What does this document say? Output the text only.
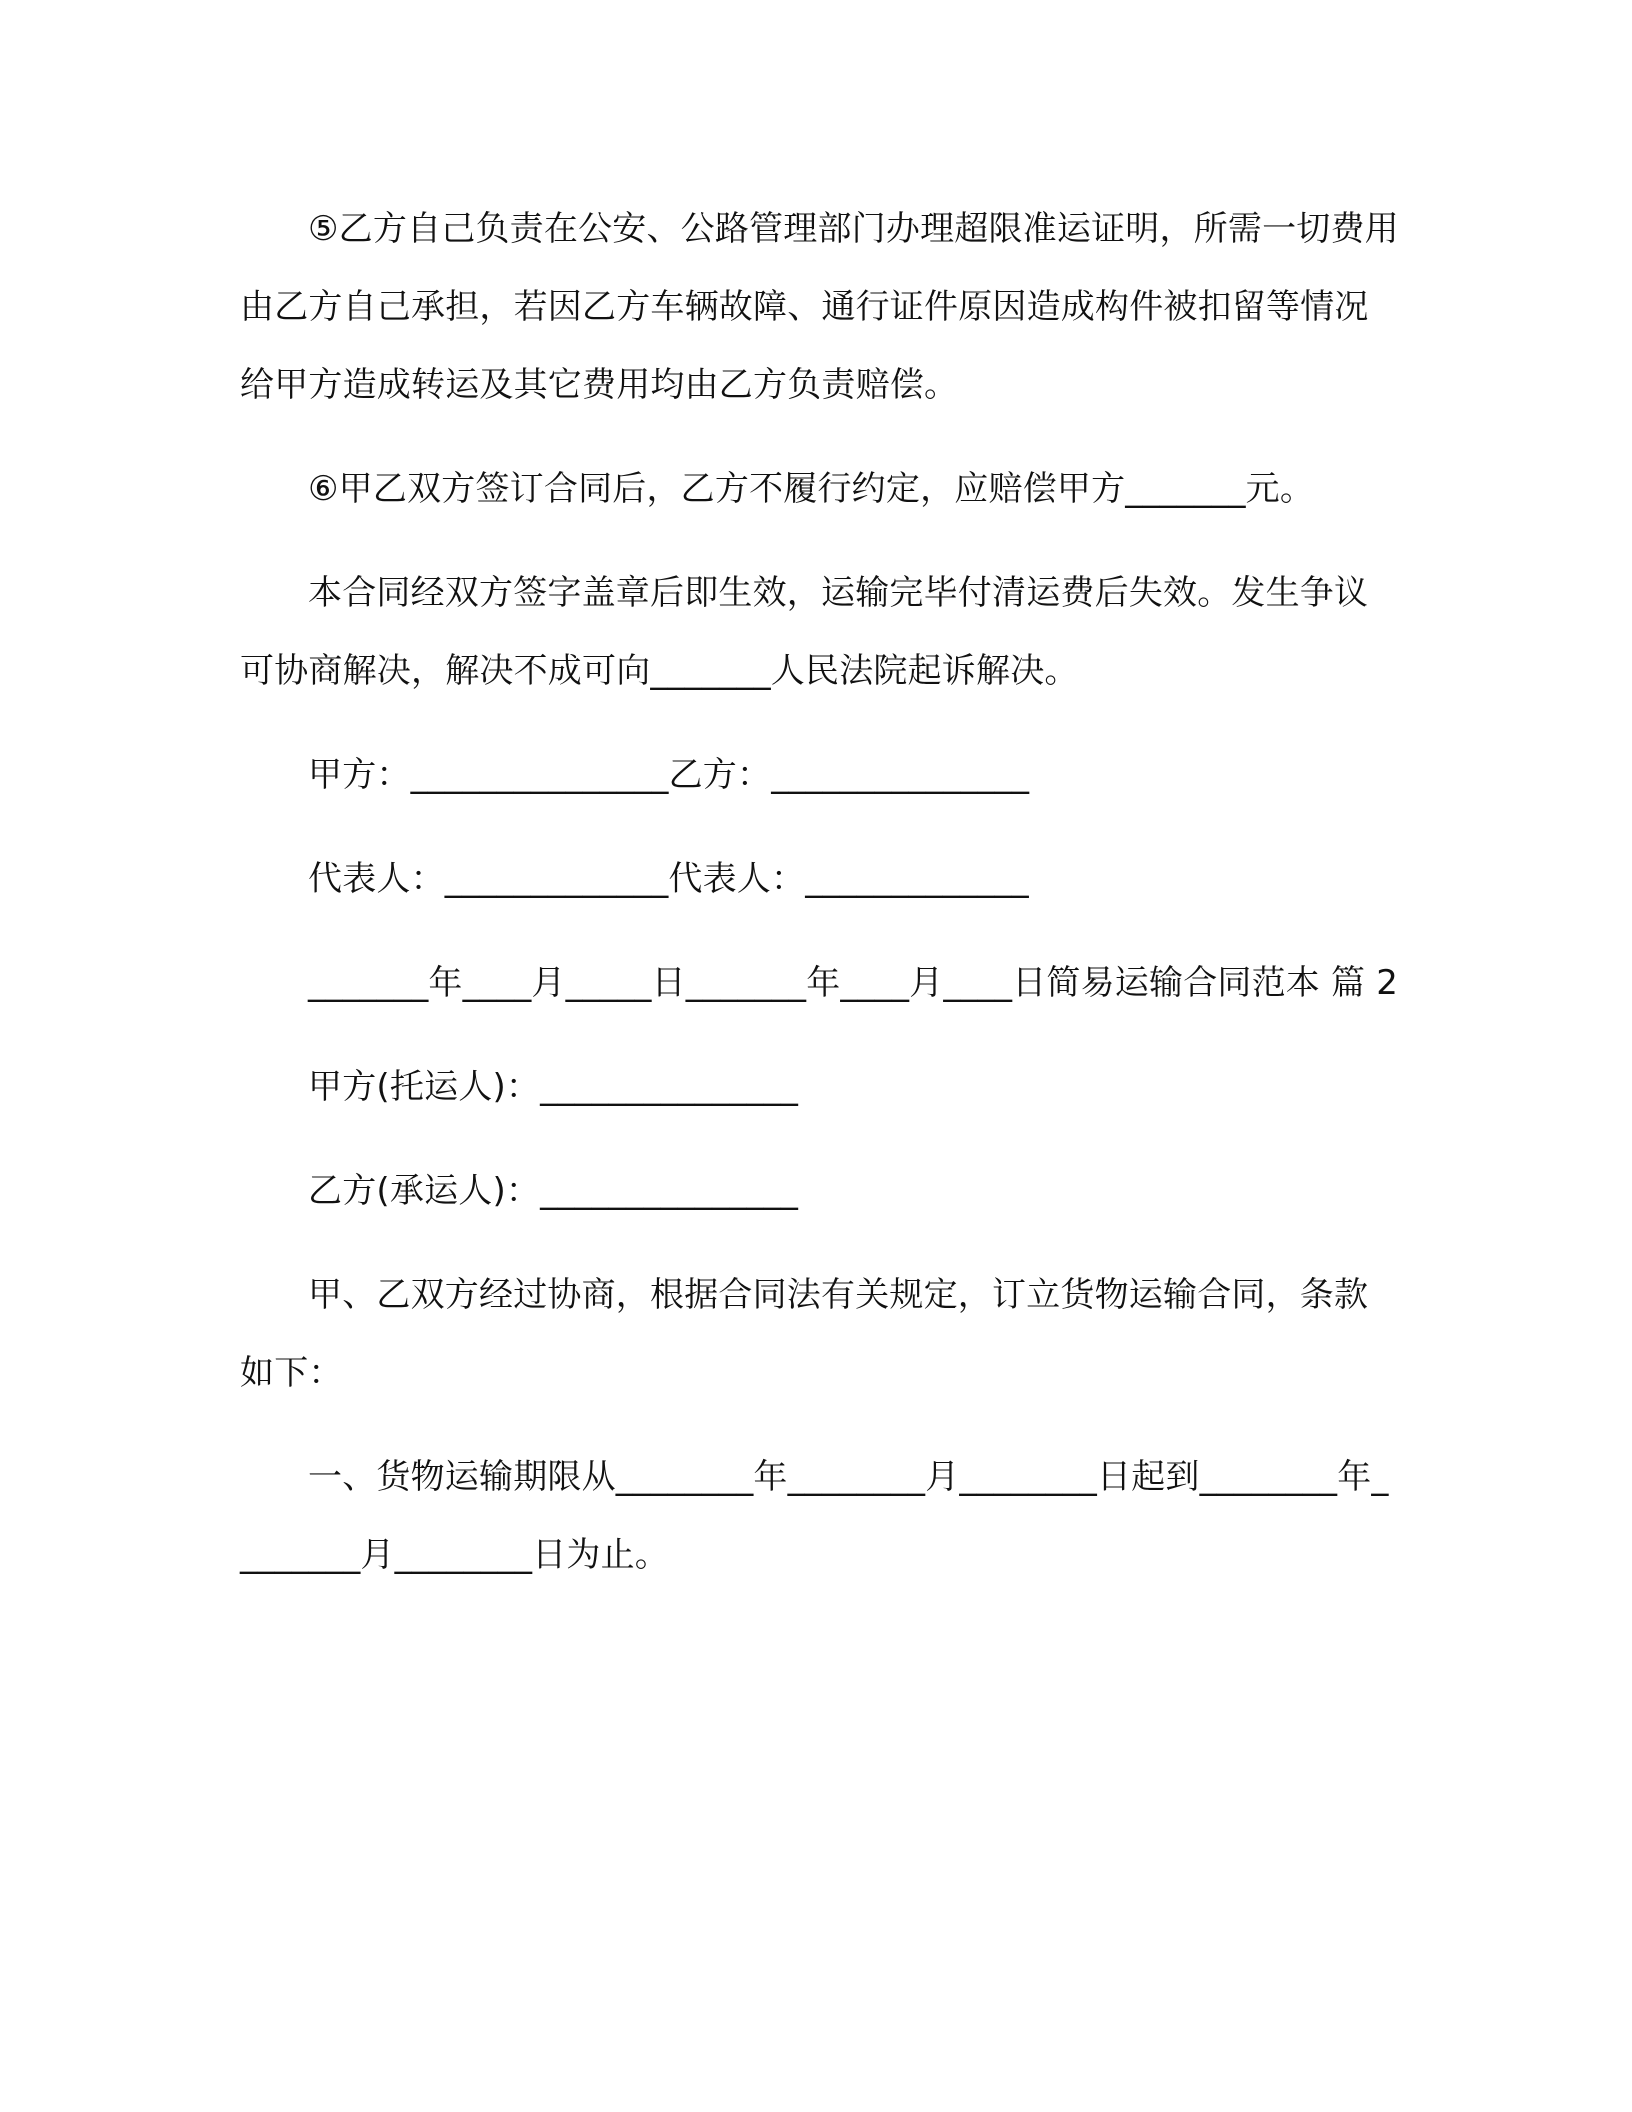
⑤乙方自己负责在公安、公路管理部门办理超限准运证明，所需一切费用由乙方自己承担，若因乙方车辆故障、通行证件原因造成构件被扣留等情况给甲方造成转运及其它费用均由乙方负责赔偿。

⑥甲乙双方签订合同后，乙方不履行约定，应赔偿甲方_______元。

本合同经双方签字盖章后即生效，运输完毕付清运费后失效。发生争议可协商解决，解决不成可向_______人民法院起诉解决。

甲方：_______________乙方：_______________

代表人：_____________代表人：_____________

_______年____月_____日_______年____月____日简易运输合同范本 篇 2

甲方(托运人)：_______________

乙方(承运人)：_______________

甲、乙双方经过协商，根据合同法有关规定，订立货物运输合同，条款如下：

一、货物运输期限从________年________月________日起到________年________月________日为止。
